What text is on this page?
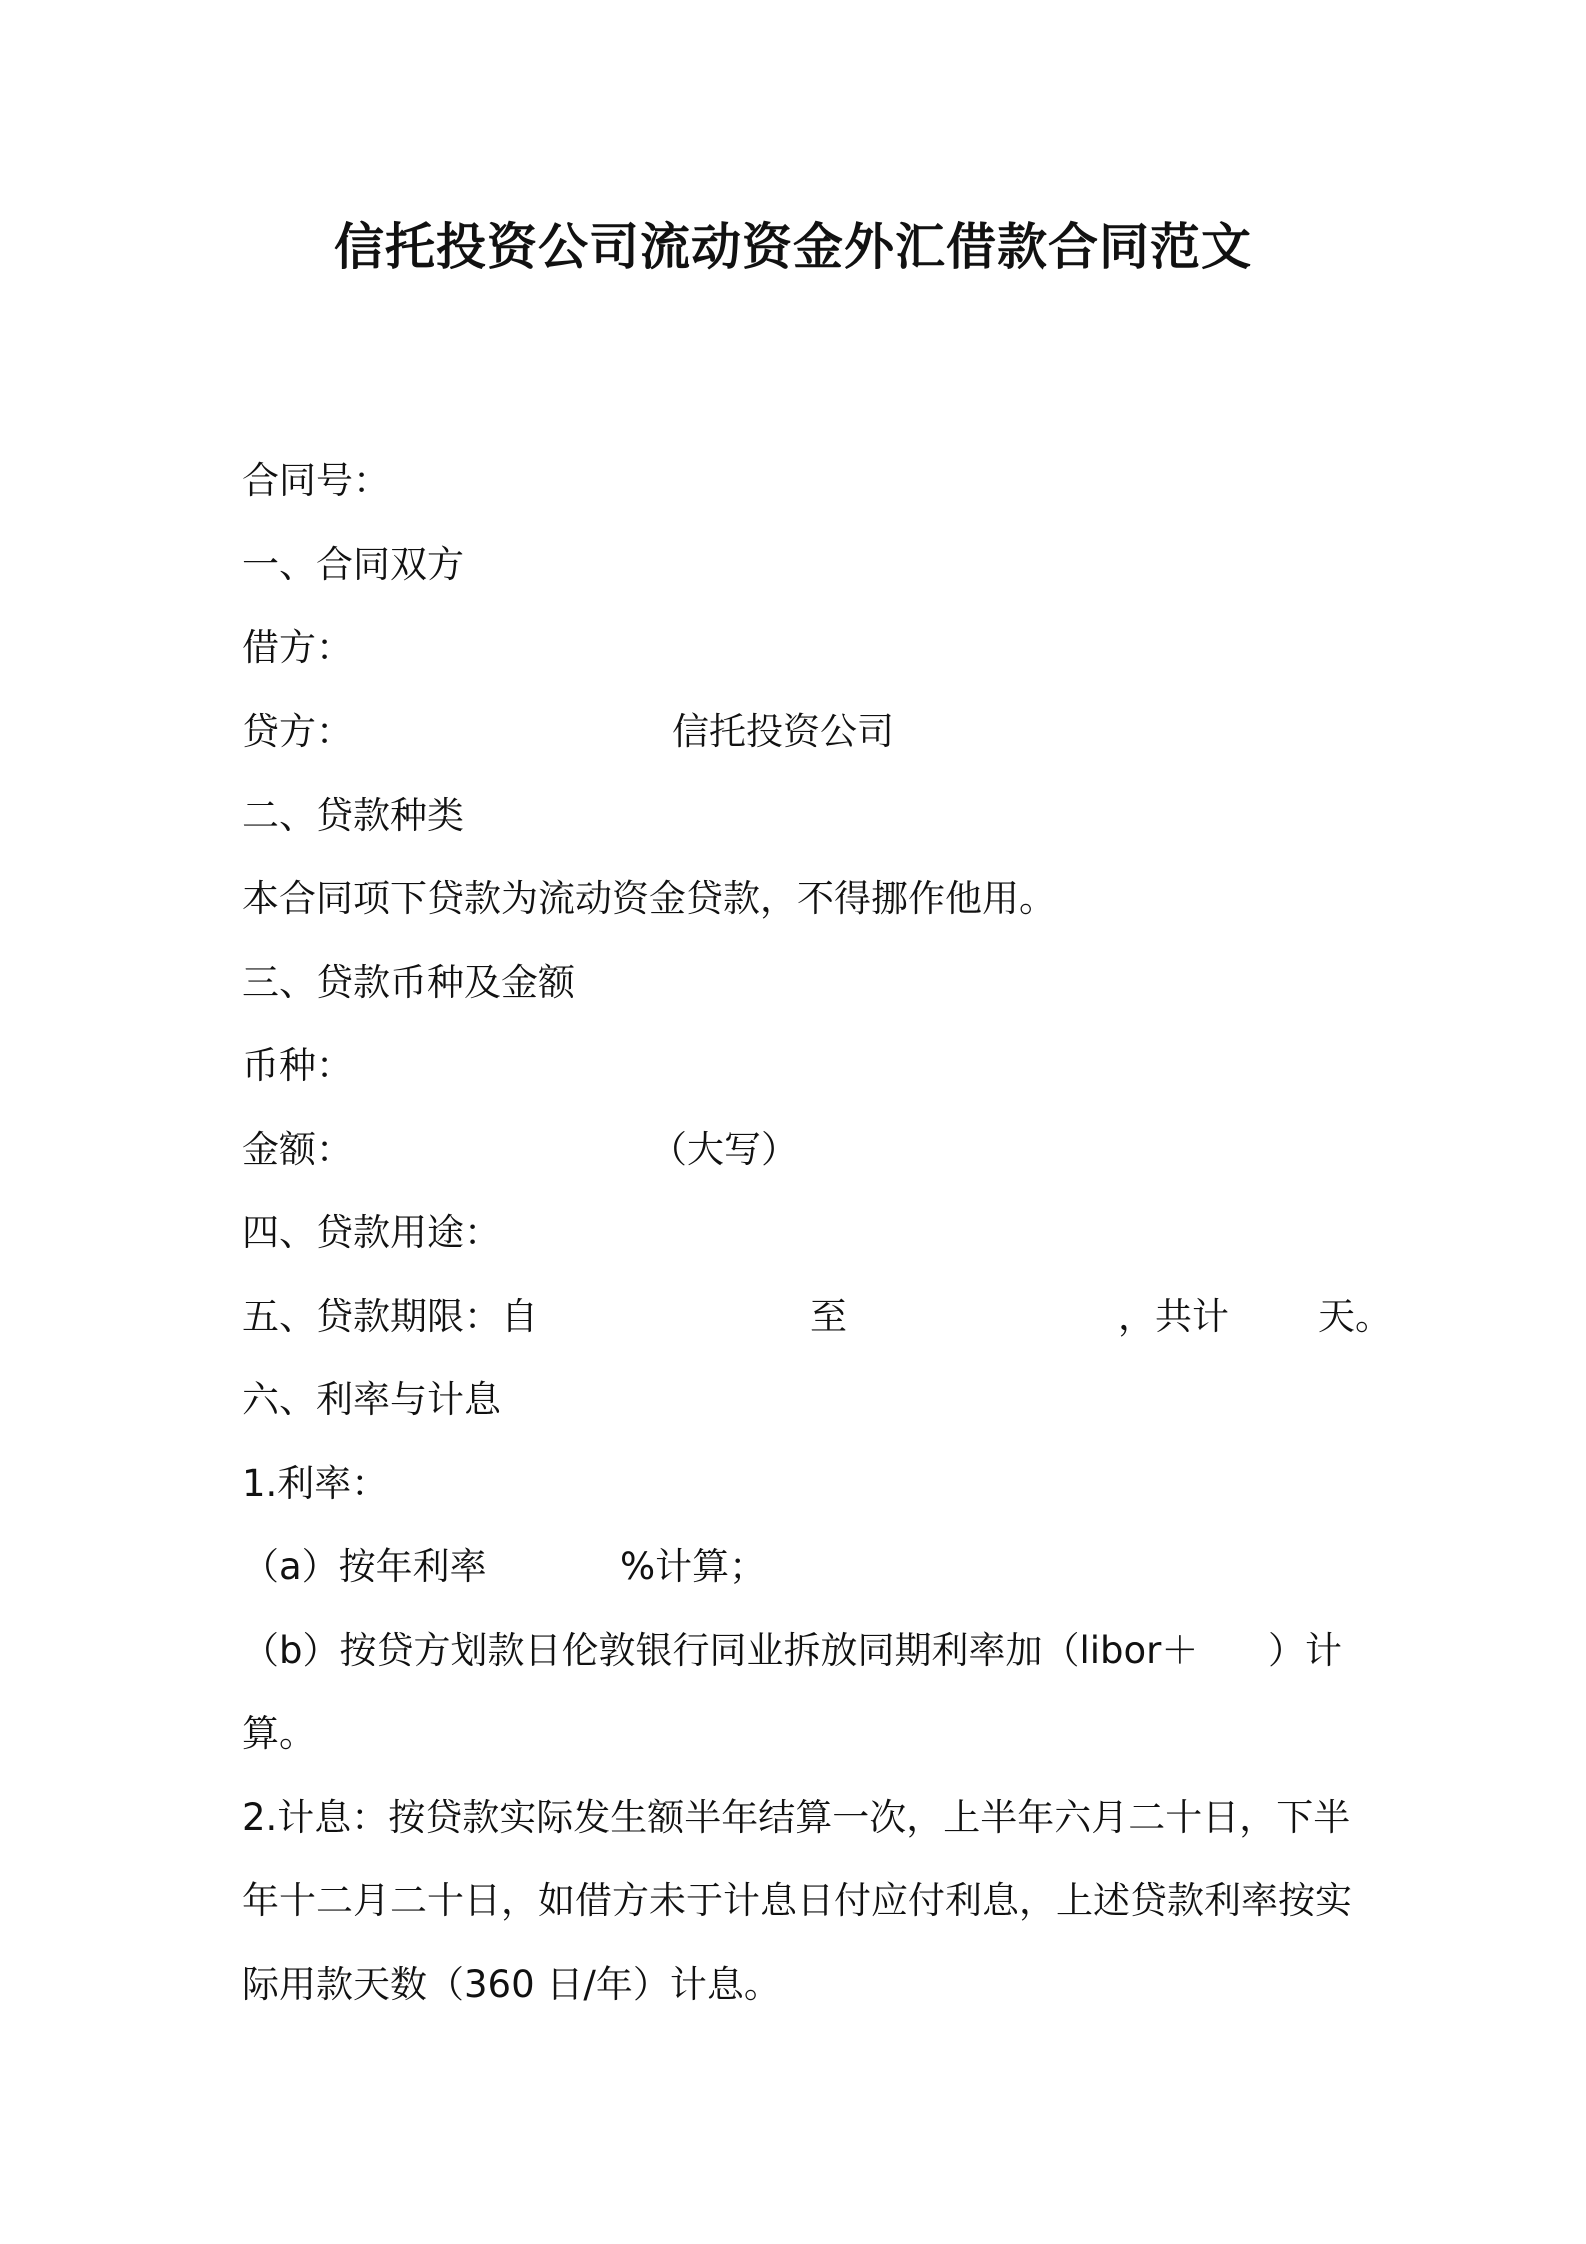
信托投资公司流动资金外汇借款合同范文
合同号：
一、合同双方
借方：
贷方：	信托投资公司
二、贷款种类
本合同项下贷款为流动资金贷款，不得挪作他用。
三、贷款币种及金额
币种：
金额：	（大写）
四、贷款用途：
五、贷款期限：自	至	，共计 天。
六、利率与计息
1.利率：
（a）按年利率	%计算；
（b）按贷方划款日伦敦银行同业拆放同期利率加（libor＋ ）计
算。
2.计息：按贷款实际发生额半年结算一次，上半年六月二十日，下半
年十二月二十日，如借方未于计息日付应付利息，上述贷款利率按实
际用款天数（360 日/年）计息。
